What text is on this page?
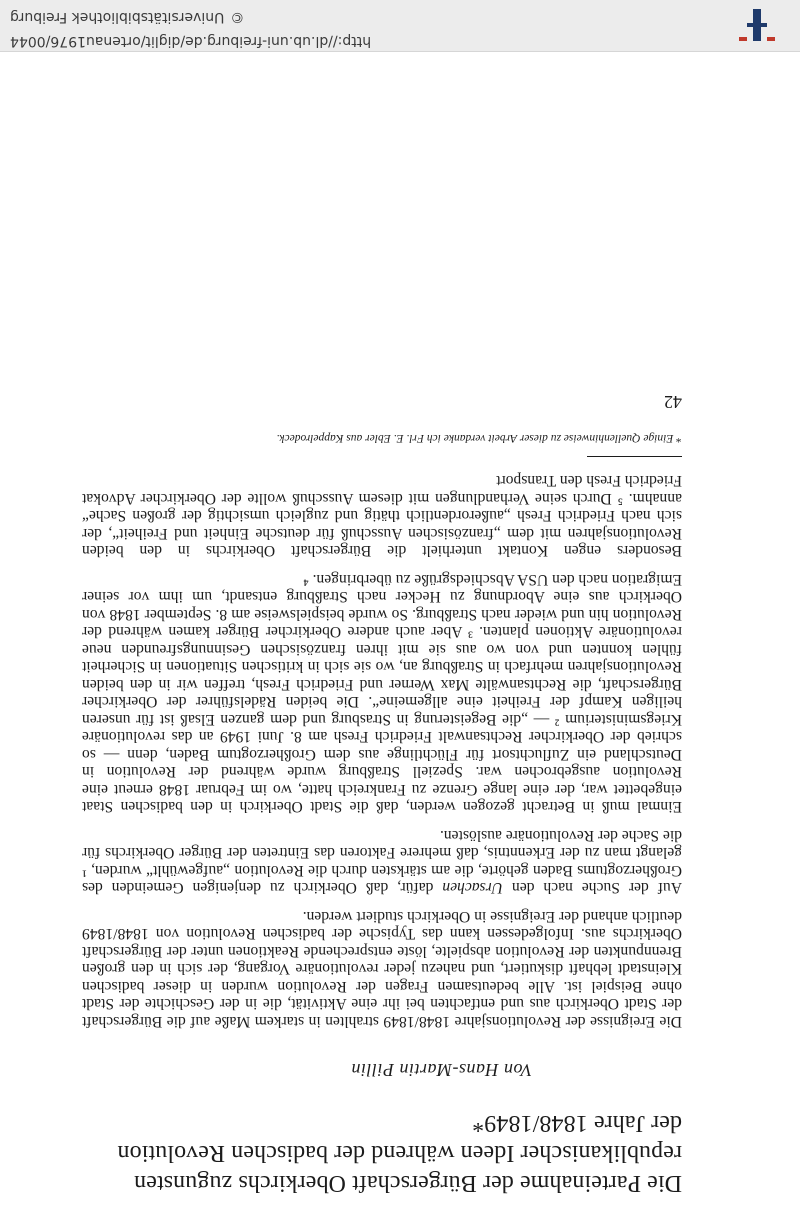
Die Parteinahme der Bürgerschaft Oberkirchs zugunsten republikanischer Ideen während der badischen Revolution der Jahre 1848/1849*
Von Hans-Martin Pillin

Die Ereignisse der Revolutionsjahre 1848/1849 strahlten in starkem Maße auf die Bürgerschaft der Stadt Oberkirch aus und entfachten bei ihr eine Aktivität, die in der Geschichte der Stadt ohne Beispiel ist. Alle bedeutsamen Fragen der Revolution wurden in dieser badischen Kleinstadt lebhaft diskutiert, und nahezu jeder revolutionäre Vorgang, der sich in den großen Brennpunkten der Revolution abspielte, löste entsprechende Reaktionen unter der Bürgerschaft Oberkirchs aus. Infolgedessen kann das Typische der badischen Revolution von 1848/1849 deutlich anhand der Ereignisse in Oberkirch studiert werden.

Auf der Suche nach den Ursachen dafür, daß Oberkirch zu denjenigen Gemeinden des Großherzogtums Baden gehörte, die am stärksten durch die Revolution „aufgewühlt“ wurden, ¹ gelangt man zu der Erkenntnis, daß mehrere Faktoren das Eintreten der Bürger Oberkirchs für die Sache der Revolutionäre auslösten.

Einmal muß in Betracht gezogen werden, daß die Stadt Oberkirch in den badischen Staat eingebettet war, der eine lange Grenze zu Frankreich hatte, wo im Februar 1848 erneut eine Revolution ausgebrochen war. Speziell Straßburg wurde während der Revolution in Deutschland ein Zufluchtsort für Flüchtlinge aus dem Großherzogtum Baden, denn — so schrieb der Oberkircher Rechtsanwalt Friedrich Fresh am 8. Juni 1949 an das revolutionäre Kriegsministerium ² — „die Begeisterung in Strasburg und dem ganzen Elsaß ist für unseren heiligen Kampf der Freiheit eine allgemeine“. Die beiden Rädelsführer der Oberkircher Bürgerschaft, die Rechtsanwälte Max Werner und Friedrich Fresh, treffen wir in den beiden Revolutionsjahren mehrfach in Straßburg an, wo sie sich in kritischen Situationen in Sicherheit fühlen konnten und von wo aus sie mit ihren französischen Gesinnungsfreunden neue revolutionäre Aktionen planten. ³ Aber auch andere Oberkircher Bürger kamen während der Revolution hin und wieder nach Straßburg. So wurde beispielsweise am 8. September 1848 von Oberkirch aus eine Abordnung zu Hecker nach Straßburg entsandt, um ihm vor seiner Emigration nach den USA Abschiedsgrüße zu überbringen. ⁴

Besonders engen Kontakt unterhielt die Bürgerschaft Oberkirchs in den beiden Revolutionsjahren mit dem „französischen Ausschuß für deutsche Einheit und Freiheit“, der sich nach Friedrich Fresh „außerordentlich thätig und zugleich umsichtig der großen Sache“ annahm. ⁵ Durch seine Verhandlungen mit diesem Ausschuß wollte der Oberkircher Advokat Friedrich Fresh den Transport

* Einige Quellenhinweise zu dieser Arbeit verdanke ich Frl. E. Ebler aus Kappelrodeck.

42
http://dl.ub.uni-freiburg.de/diglit/ortenau1976/0044
©Universitätsbibliothek Freiburg
